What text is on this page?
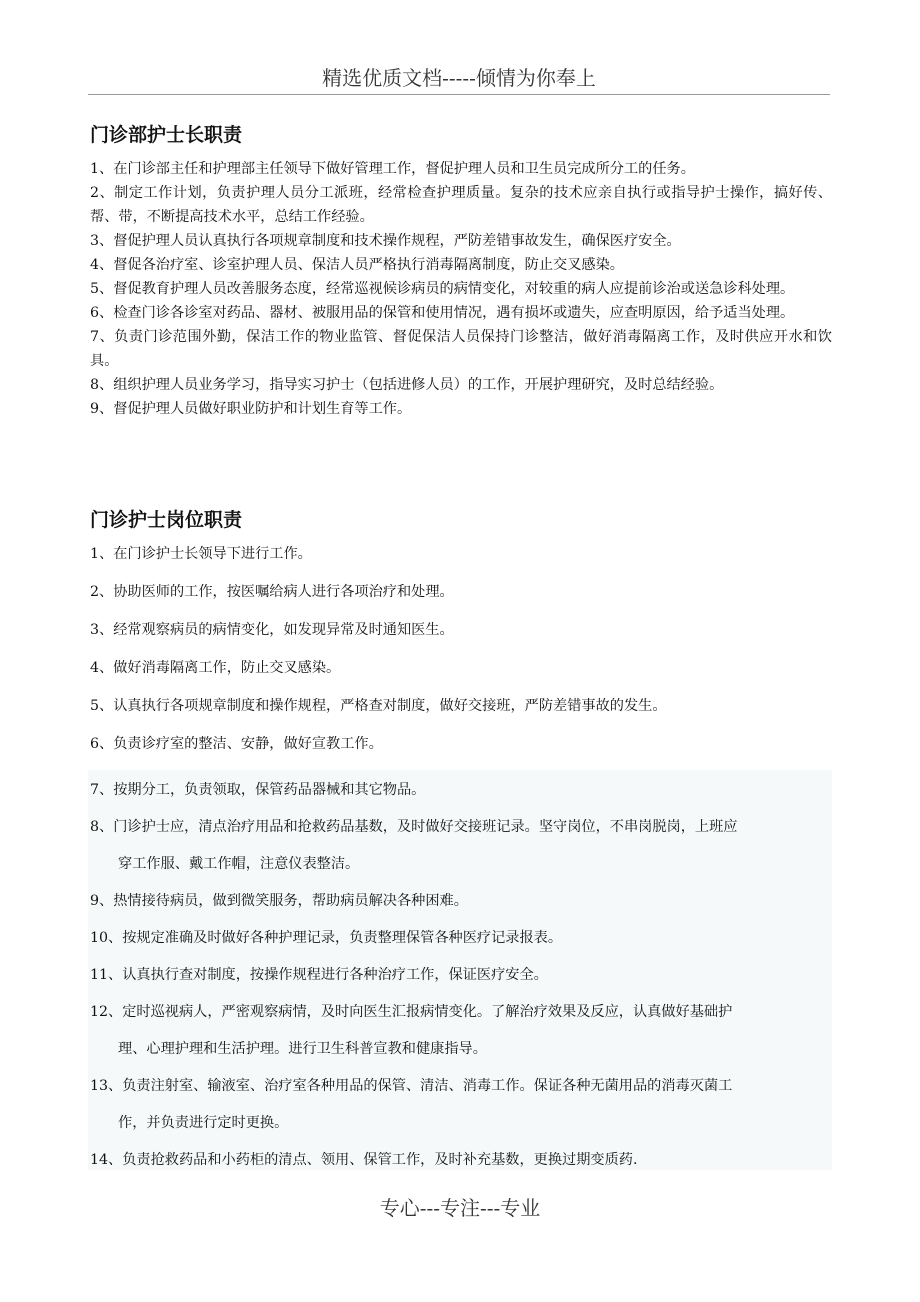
精选优质文档-----倾情为你奉上
门诊部护士长职责

1、在门诊部主任和护理部主任领导下做好管理工作，督促护理人员和卫生员完成所分工的任务。

2、制定工作计划，负责护理人员分工派班，经常检查护理质量。复杂的技术应亲自执行或指导护士操作，搞好传、帮、带，不断提高技术水平，总结工作经验。

3、督促护理人员认真执行各项规章制度和技术操作规程，严防差错事故发生，确保医疗安全。

4、督促各治疗室、诊室护理人员、保洁人员严格执行消毒隔离制度，防止交叉感染。

5、督促教育护理人员改善服务态度，经常巡视候诊病员的病情变化，对较重的病人应提前诊治或送急诊科处理。

6、检查门诊各诊室对药品、器材、被服用品的保管和使用情况，遇有损坏或遗失，应查明原因，给予适当处理。

7、负责门诊范围外勤，保洁工作的物业监管、督促保洁人员保持门诊整洁，做好消毒隔离工作，及时供应开水和饮具。

8、组织护理人员业务学习，指导实习护士（包括进修人员）的工作，开展护理研究，及时总结经验。

9、督促护理人员做好职业防护和计划生育等工作。

门诊护士岗位职责

1、在门诊护士长领导下进行工作。

2、协助医师的工作，按医嘱给病人进行各项治疗和处理。

3、经常观察病员的病情变化，如发现异常及时通知医生。

4、做好消毒隔离工作，防止交叉感染。

5、认真执行各项规章制度和操作规程，严格查对制度，做好交接班，严防差错事故的发生。

6、负责诊疗室的整洁、安静，做好宣教工作。

7、按期分工，负责领取，保管药品器械和其它物品。

8、门诊护士应，清点治疗用品和抢救药品基数，及时做好交接班记录。坚守岗位，不串岗脱岗，上班应
穿工作服、戴工作帽，注意仪表整洁。

9、热情接待病员，做到微笑服务，帮助病员解决各种困难。

10、按规定准确及时做好各种护理记录，负责整理保管各种医疗记录报表。

11、认真执行查对制度，按操作规程进行各种治疗工作，保证医疗安全。

12、定时巡视病人，严密观察病情，及时向医生汇报病情变化。了解治疗效果及反应，认真做好基础护
理、心理护理和生活护理。进行卫生科普宣教和健康指导。

13、负责注射室、输液室、治疗室各种用品的保管、清洁、消毒工作。保证各种无菌用品的消毒灭菌工
作，并负责进行定时更换。

14、负责抢救药品和小药柜的清点、领用、保管工作，及时补充基数，更换过期变质药.

专心---专注---专业
